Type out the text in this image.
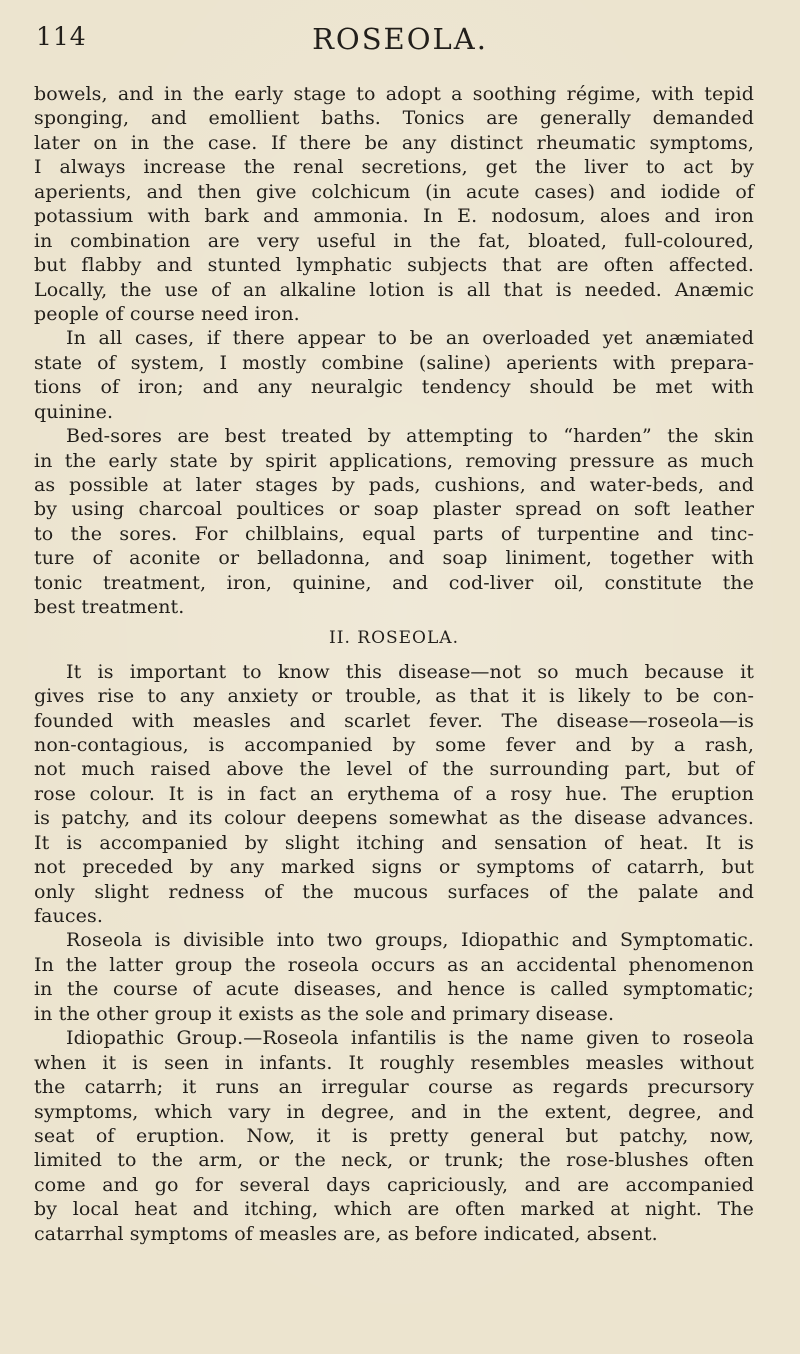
114	ROSEOLA.
bowels, and in the early stage to adopt a soothing régime, with tepid
sponging, and emollient baths. Tonics are generally demanded
later on in the case. If there be any distinct rheumatic symptoms,
I always increase the renal secretions, get the liver to act by
aperients, and then give colchicum (in acute cases) and iodide of
potassium with bark and ammonia. In E. nodosum, aloes and iron
in combination are very useful in the fat, bloated, full-coloured,
but flabby and stunted lymphatic subjects that are often affected.
Locally, the use of an alkaline lotion is all that is needed. Anæmic
people of course need iron.
In all cases, if there appear to be an overloaded yet anæmiated
state of system, I mostly combine (saline) aperients with prepara-
tions of iron; and any neuralgic tendency should be met with
quinine.
Bed-sores are best treated by attempting to “harden” the skin
in the early state by spirit applications, removing pressure as much
as possible at later stages by pads, cushions, and water-beds, and
by using charcoal poultices or soap plaster spread on soft leather
to the sores. For chilblains, equal parts of turpentine and tinc-
ture of aconite or belladonna, and soap liniment, together with
tonic treatment, iron, quinine, and cod-liver oil, constitute the
best treatment.
II. ROSEOLA.
It is important to know this disease—not so much because it
gives rise to any anxiety or trouble, as that it is likely to be con-
founded with measles and scarlet fever. The disease—roseola—is
non-contagious, is accompanied by some fever and by a rash,
not much raised above the level of the surrounding part, but of
rose colour. It is in fact an erythema of a rosy hue. The eruption
is patchy, and its colour deepens somewhat as the disease advances.
It is accompanied by slight itching and sensation of heat. It is
not preceded by any marked signs or symptoms of catarrh, but
only slight redness of the mucous surfaces of the palate and
fauces.
Roseola is divisible into two groups, Idiopathic and Symptomatic.
In the latter group the roseola occurs as an accidental phenomenon
in the course of acute diseases, and hence is called symptomatic;
in the other group it exists as the sole and primary disease.
Idiopathic Group.—Roseola infantilis is the name given to roseola
when it is seen in infants. It roughly resembles measles without
the catarrh; it runs an irregular course as regards precursory
symptoms, which vary in degree, and in the extent, degree, and
seat of eruption. Now, it is pretty general but patchy, now,
limited to the arm, or the neck, or trunk; the rose-blushes often
come and go for several days capriciously, and are accompanied
by local heat and itching, which are often marked at night. The
catarrhal symptoms of measles are, as before indicated, absent.
